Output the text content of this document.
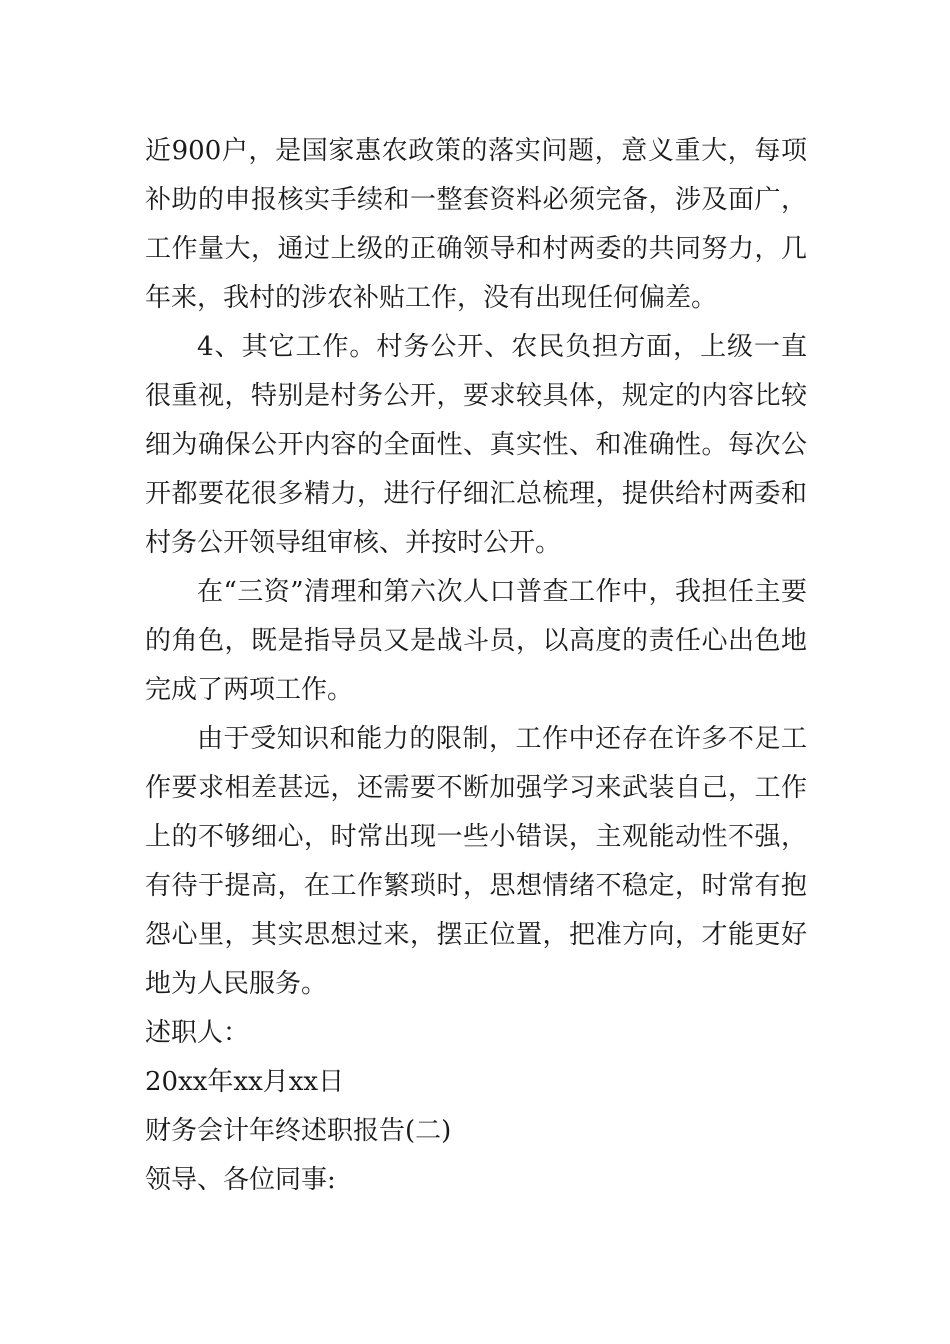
近900户，是国家惠农政策的落实问题，意义重大，每项补助的申报核实手续和一整套资料必须完备，涉及面广，工作量大，通过上级的正确领导和村两委的共同努力，几年来，我村的涉农补贴工作，没有出现任何偏差。

4、其它工作。村务公开、农民负担方面，上级一直很重视，特别是村务公开，要求较具体，规定的内容比较细为确保公开内容的全面性、真实性、和准确性。每次公开都要花很多精力，进行仔细汇总梳理，提供给村两委和村务公开领导组审核、并按时公开。

在“三资”清理和第六次人口普查工作中，我担任主要的角色，既是指导员又是战斗员，以高度的责任心出色地完成了两项工作。

由于受知识和能力的限制，工作中还存在许多不足工作要求相差甚远，还需要不断加强学习来武装自己，工作上的不够细心，时常出现一些小错误，主观能动性不强，有待于提高，在工作繁琐时，思想情绪不稳定，时常有抱怨心里，其实思想过来，摆正位置，把准方向，才能更好地为人民服务。

述职人：

20xx年xx月xx日

财务会计年终述职报告(二)

领导、各位同事:
